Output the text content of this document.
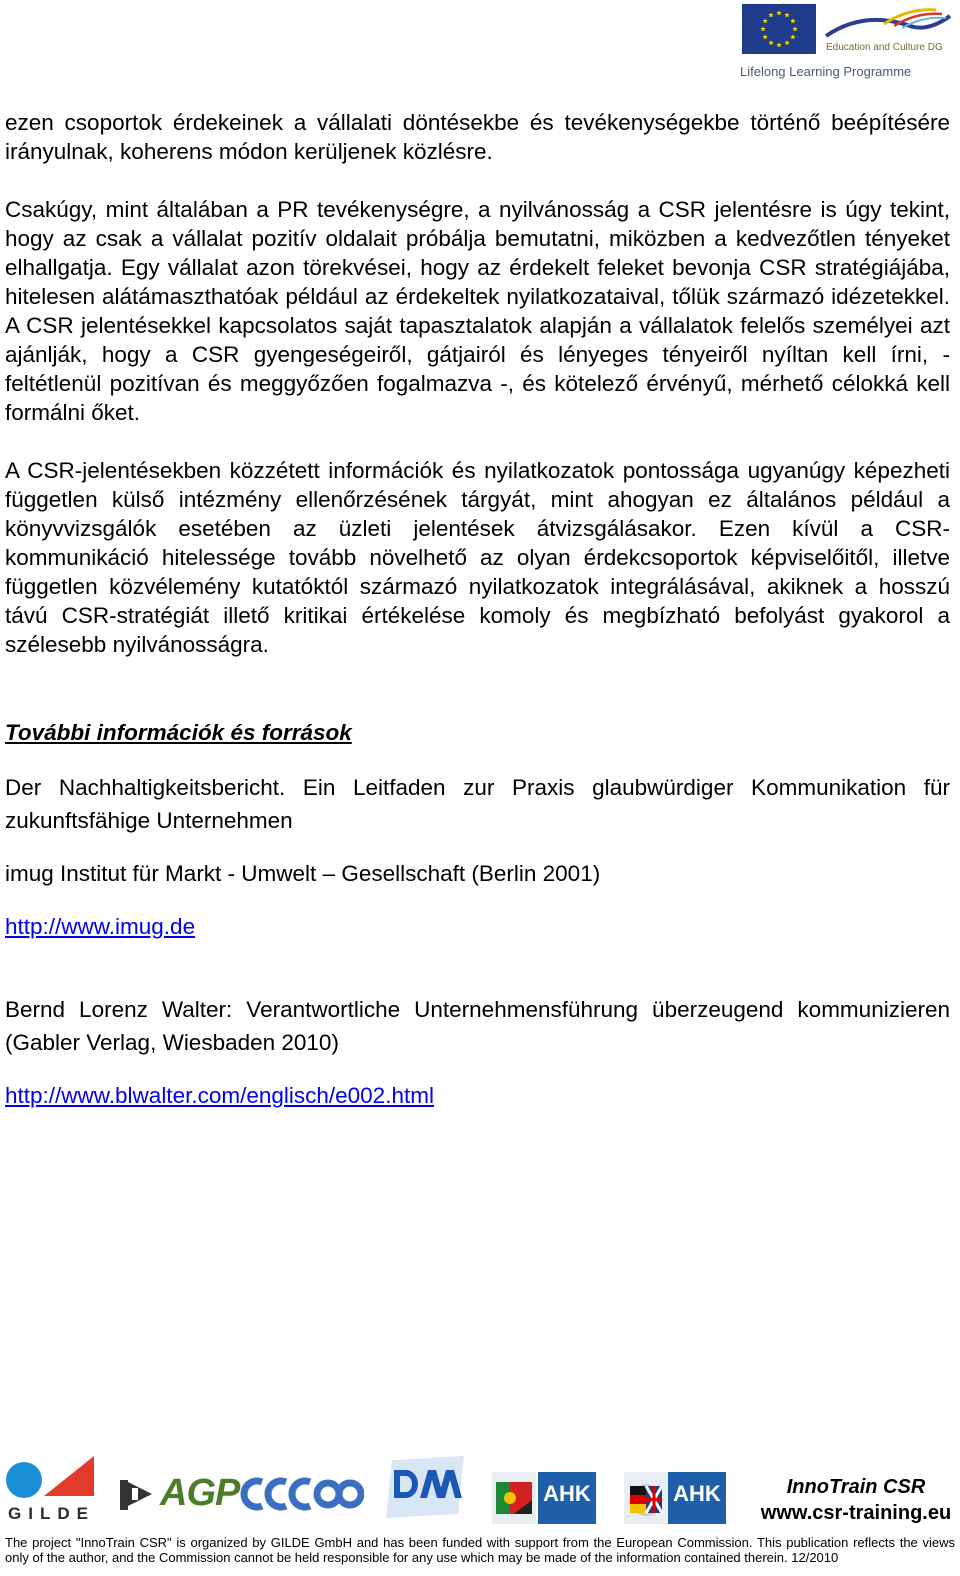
Education and Culture DG
Lifelong Learning Programme

ezen csoportok érdekeinek a vállalati döntésekbe és tevékenységekbe történő beépítésére irányulnak, koherens módon kerüljenek közlésre.

Csakúgy, mint általában a PR tevékenységre, a nyilvánosság a CSR jelentésre is úgy tekint, hogy az csak a vállalat pozitív oldalait próbálja bemutatni, miközben a kedvezőtlen tényeket elhallgatja. Egy vállalat azon törekvései, hogy az érdekelt feleket bevonja CSR stratégiájába, hitelesen alátámaszthatóak például az érdekeltek nyilatkozataival, tőlük származó idézetekkel. A CSR jelentésekkel kapcsolatos saját tapasztalatok alapján a vállalatok felelős személyei azt ajánlják, hogy a CSR gyengeségeiről, gátjairól és lényeges tényeiről nyíltan kell írni, - feltétlenül pozitívan és meggyőzően fogalmazva -, és kötelező érvényű, mérhető célokká kell formálni őket.

A CSR-jelentésekben közzétett információk és nyilatkozatok pontossága ugyanúgy képezheti független külső intézmény ellenőrzésének tárgyát, mint ahogyan ez általános például a könyvvizsgálók esetében az üzleti jelentések átvizsgálásakor. Ezen kívül a CSR-kommunikáció hitelessége tovább növelhető az olyan érdekcsoportok képviselőitől, illetve független közvélemény kutatóktól származó nyilatkozatok integrálásával, akiknek a hosszú távú CSR-stratégiát illető kritikai értékelése komoly és megbízható befolyást gyakorol a szélesebb nyilvánosságra.

További információk és források

Der Nachhaltigkeitsbericht. Ein Leitfaden zur Praxis glaubwürdiger Kommunikation für zukunftsfähige Unternehmen

imug Institut für Markt - Umwelt – Gesellschaft (Berlin 2001)

http://www.imug.de

Bernd Lorenz Walter: Verantwortliche Unternehmensführung überzeugend kommunizieren (Gabler Verlag, Wiesbaden 2010)

http://www.blwalter.com/englisch/e002.html

GILDE AGP	AHK	AHK	InnoTrain CSR
www.csr-training.eu
The project "InnoTrain CSR" is organized by GILDE GmbH and has been funded with support from the European Commission. This publication reflects the views only of the author, and the Commission cannot be held responsible for any use which may be made of the information contained therein. 12/2010
